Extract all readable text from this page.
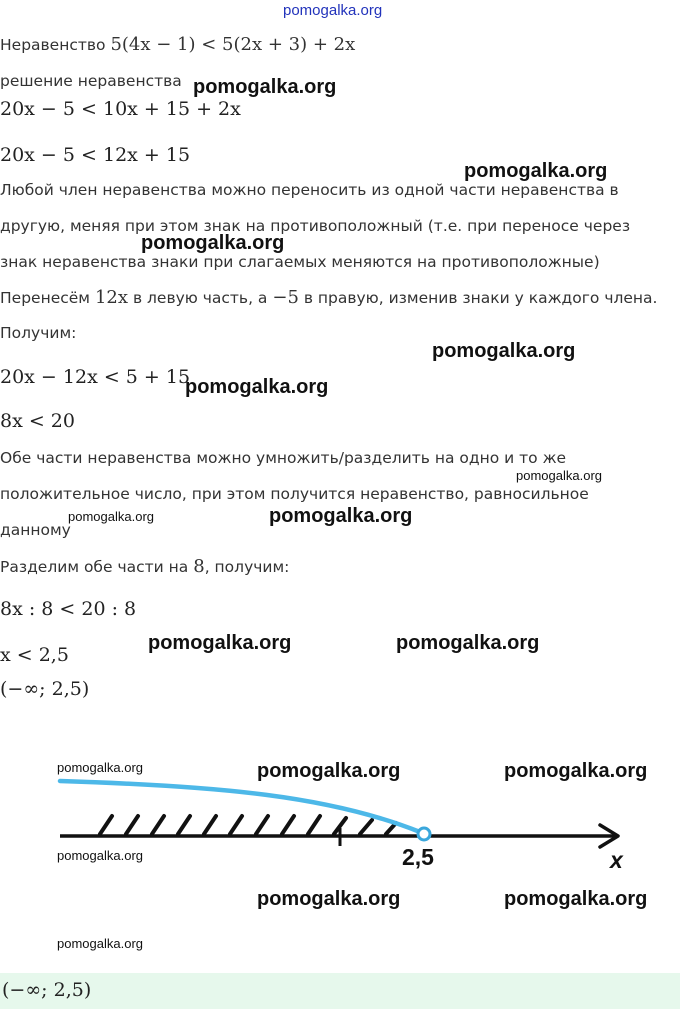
pomogalka.org
Неравенство 5(4x − 1) < 5(2x + 3) + 2x
решение неравенства
20x − 5 < 10x + 15 + 2x
20x − 5 < 12x + 15
Любой член неравенства можно переносить из одной части неравенства в
другую, меняя при этом знак на противоположный (т.е. при переносе через
знак неравенства знаки при слагаемых меняются на противоположные)
Перенесём 12x в левую часть, а −5 в правую, изменив знаки у каждого члена.
Получим:
20x − 12x < 5 + 15
8x < 20
Обе части неравенства можно умножить/разделить на одно и то же
положительное число, при этом получится неравенство, равносильное
данному
Разделим обе части на 8, получим:
8x : 8 < 20 : 8
x < 2,5
(−∞; 2,5)
2,5	x
(−∞; 2,5)
pomogalka.org
pomogalka.org
pomogalka.org
pomogalka.org
pomogalka.org
pomogalka.org
pomogalka.org	pomogalka.org
pomogalka.org	pomogalka.org
pomogalka.org	pomogalka.org	pomogalka.org
pomogalka.org
pomogalka.org	pomogalka.org
pomogalka.org
